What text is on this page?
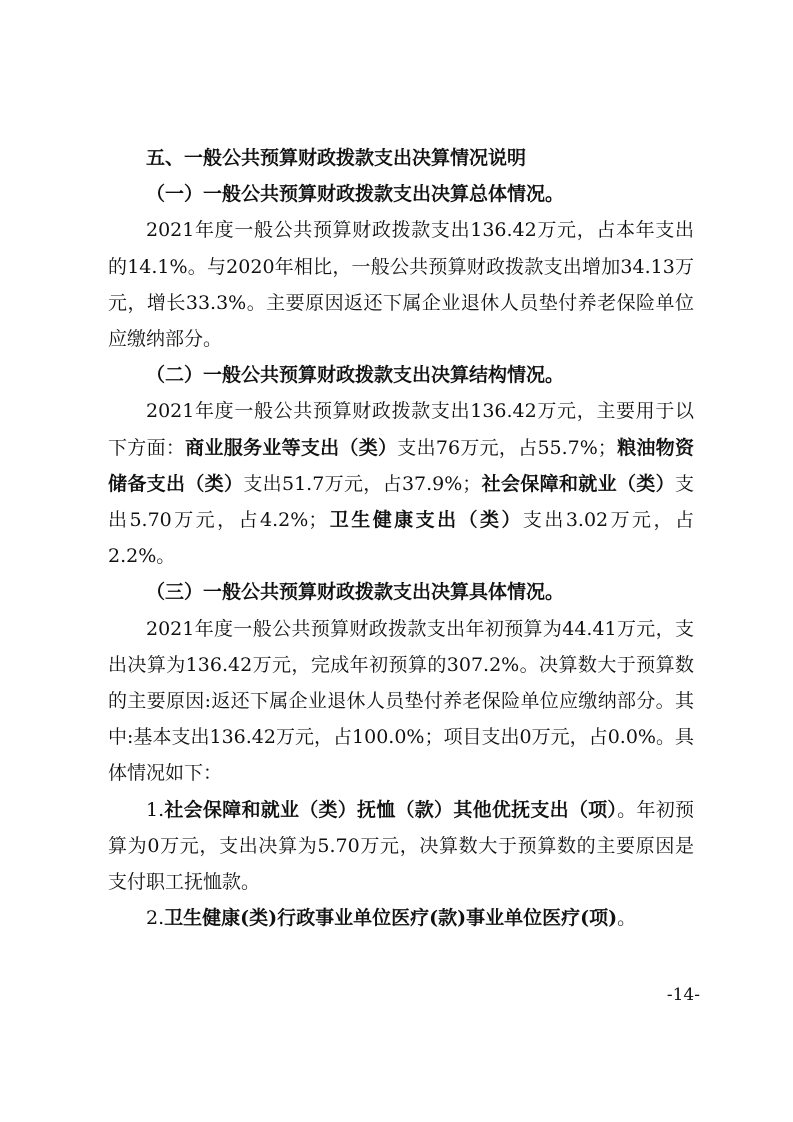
五、一般公共预算财政拨款支出决算情况说明

（一）一般公共预算财政拨款支出决算总体情况。

2021年度一般公共预算财政拨款支出136.42万元，占本年支出的14.1%。与2020年相比，一般公共预算财政拨款支出增加34.13万元，增长33.3%。主要原因返还下属企业退休人员垫付养老保险单位应缴纳部分。

（二）一般公共预算财政拨款支出决算结构情况。

2021年度一般公共预算财政拨款支出136.42万元，主要用于以下方面：商业服务业等支出（类）支出76万元，占55.7%；粮油物资储备支出（类）支出51.7万元，占37.9%；社会保障和就业（类）支出5.70万元，占4.2%；卫生健康支出（类）支出3.02万元，占2.2%。

（三）一般公共预算财政拨款支出决算具体情况。

2021年度一般公共预算财政拨款支出年初预算为44.41万元，支出决算为136.42万元，完成年初预算的307.2%。决算数大于预算数的主要原因:返还下属企业退休人员垫付养老保险单位应缴纳部分。其中:基本支出136.42万元，占100.0%；项目支出0万元，占0.0%。具体情况如下：

1.社会保障和就业（类）抚恤（款）其他优抚支出（项）。年初预算为0万元，支出决算为5.70万元，决算数大于预算数的主要原因是支付职工抚恤款。

2.卫生健康(类)行政事业单位医疗(款)事业单位医疗(项)。

-14-
